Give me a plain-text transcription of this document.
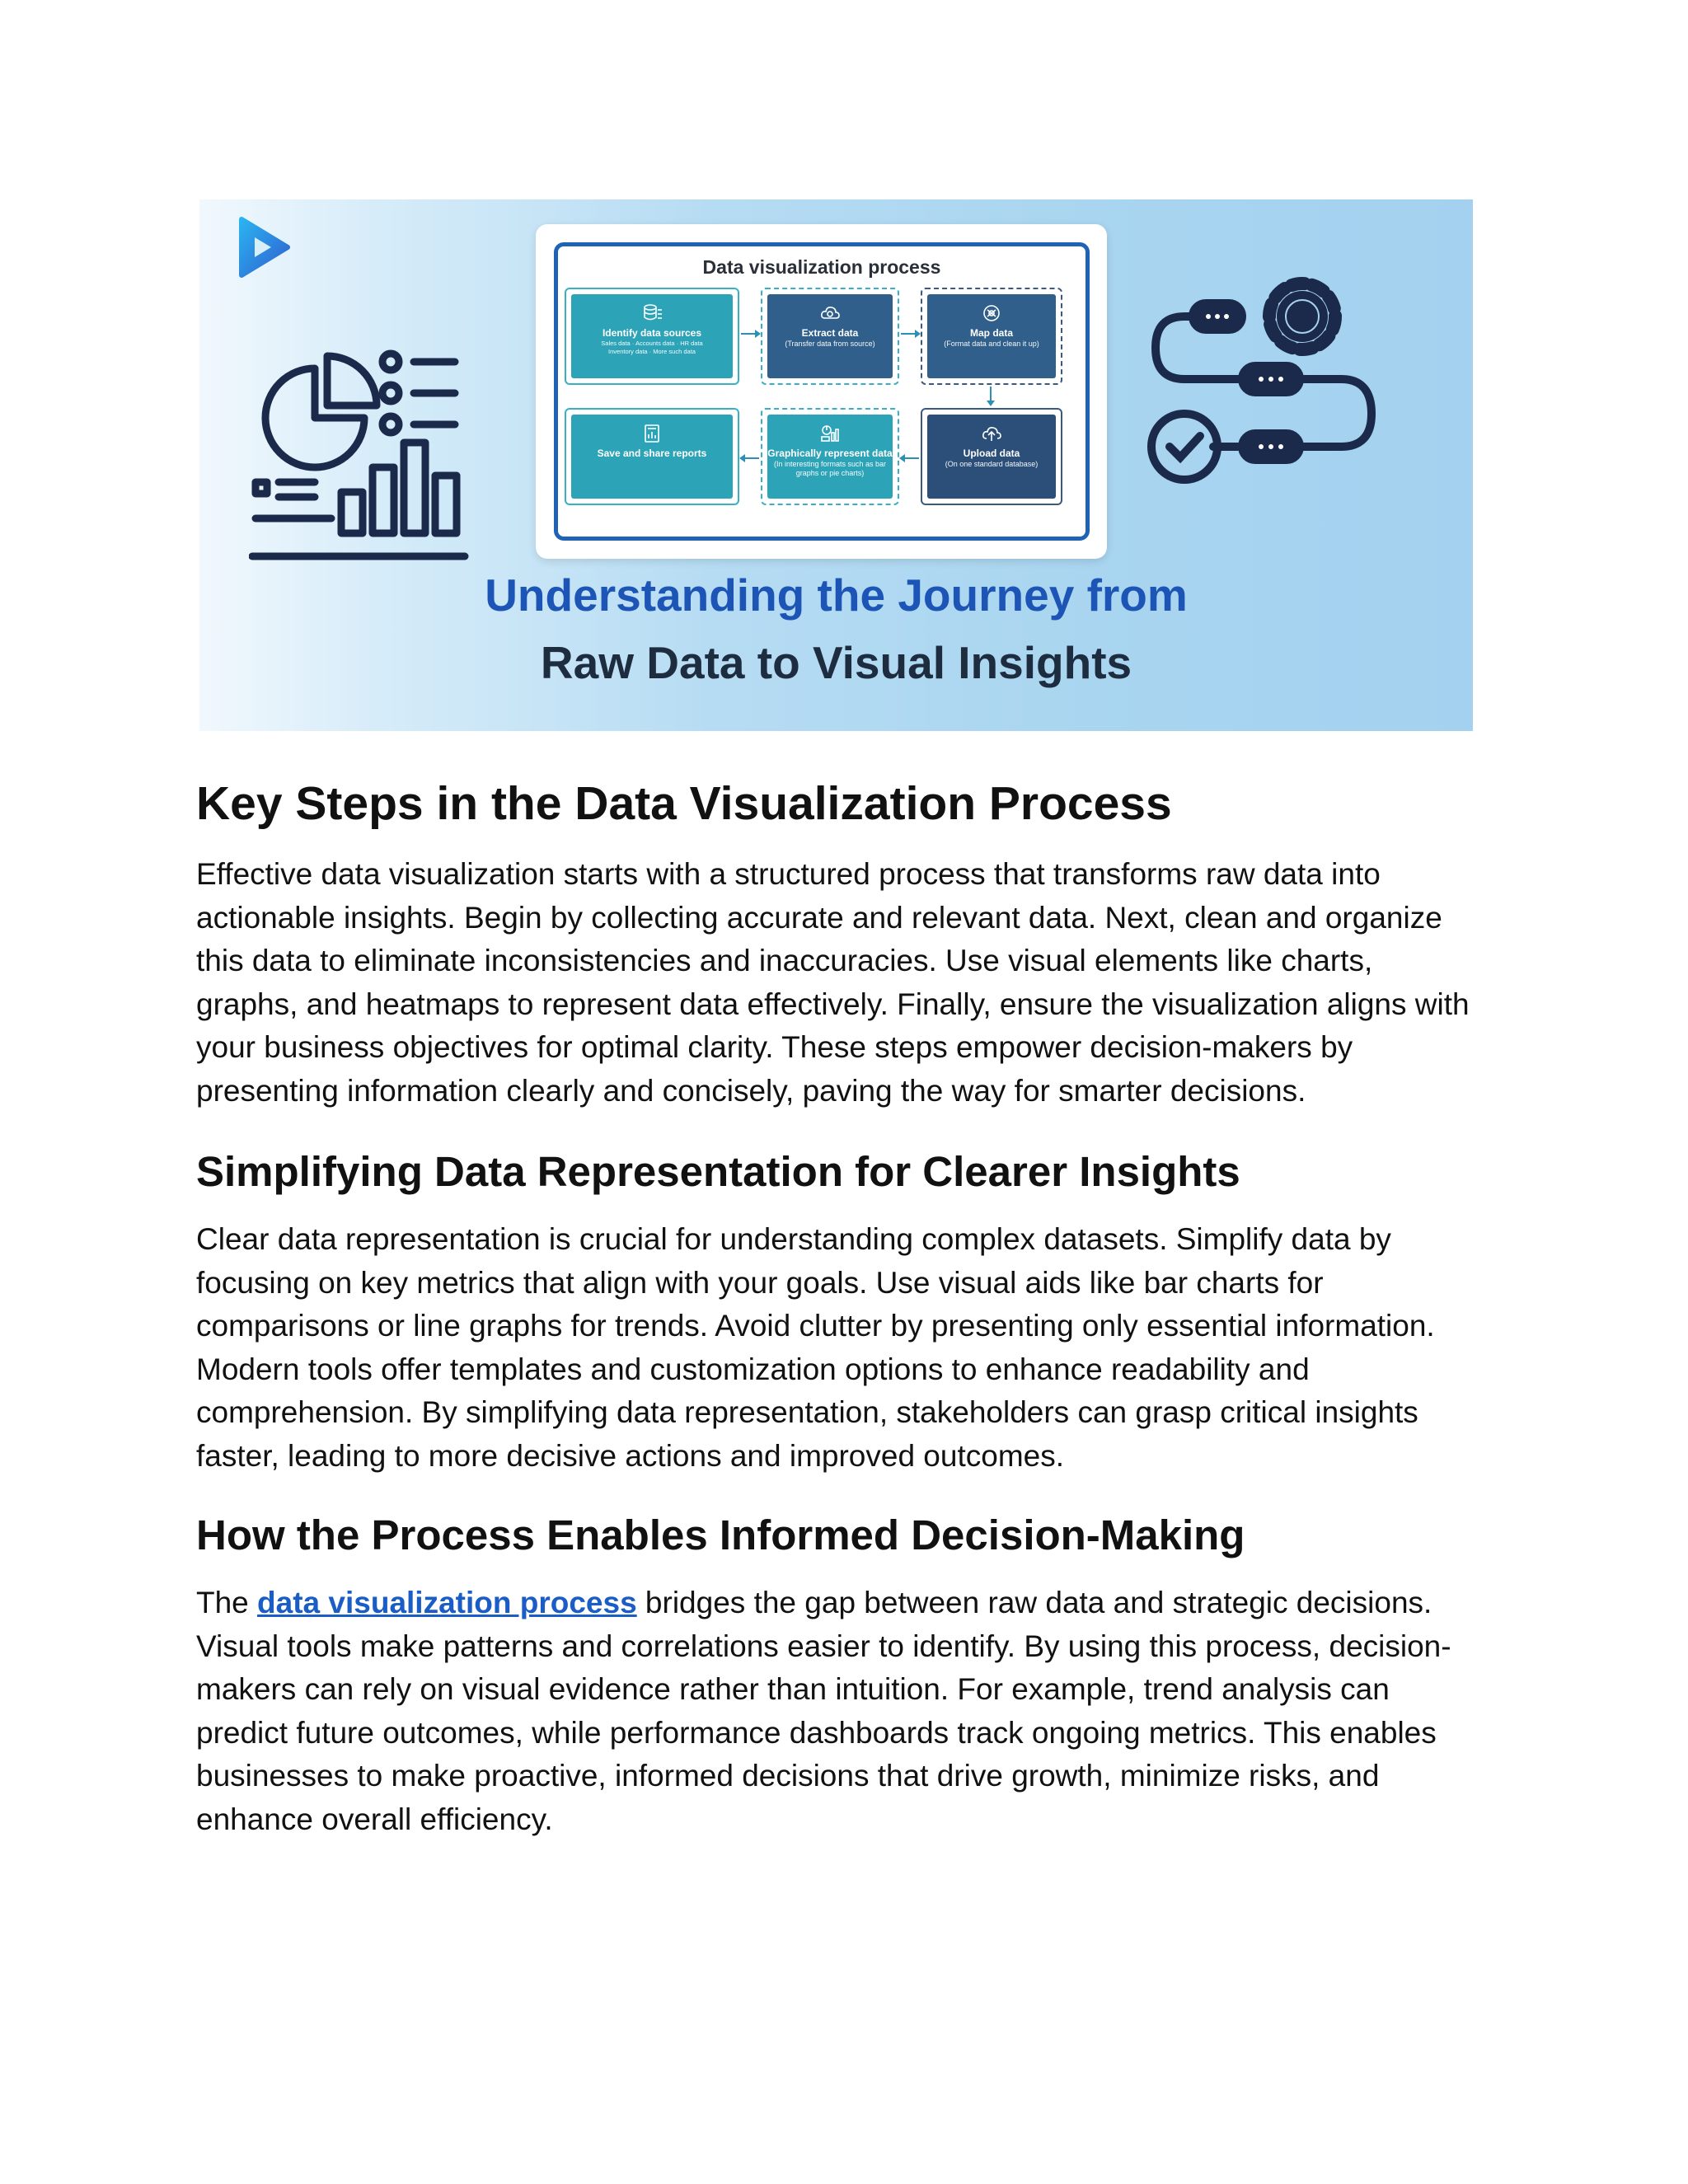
Data visualization process
Identify data sources
Sales data · Accounts data · HR data
Inventory data · More such data
Extract data
(Transfer data from source)
Map data
(Format data and clean it up)
Save and share reports	Graphically represent data
(In interesting formats such as bar graphs or pie charts)
Upload data
(On one standard database)
Understanding the Journey from
Raw Data to Visual Insights
Key Steps in the Data Visualization Process

Effective data visualization starts with a structured process that transforms raw data into actionable insights. Begin by collecting accurate and relevant data. Next, clean and organize this data to eliminate inconsistencies and inaccuracies. Use visual elements like charts, graphs, and heatmaps to represent data effectively. Finally, ensure the visualization aligns with your business objectives for optimal clarity. These steps empower decision-makers by presenting information clearly and concisely, paving the way for smarter decisions.

Simplifying Data Representation for Clearer Insights

Clear data representation is crucial for understanding complex datasets. Simplify data by focusing on key metrics that align with your goals. Use visual aids like bar charts for comparisons or line graphs for trends. Avoid clutter by presenting only essential information. Modern tools offer templates and customization options to enhance readability and comprehension. By simplifying data representation, stakeholders can grasp critical insights faster, leading to more decisive actions and improved outcomes.

How the Process Enables Informed Decision-Making

The data visualization process bridges the gap between raw data and strategic decisions. Visual tools make patterns and correlations easier to identify. By using this process, decision-makers can rely on visual evidence rather than intuition. For example, trend analysis can predict future outcomes, while performance dashboards track ongoing metrics. This enables businesses to make proactive, informed decisions that drive growth, minimize risks, and enhance overall efficiency.
